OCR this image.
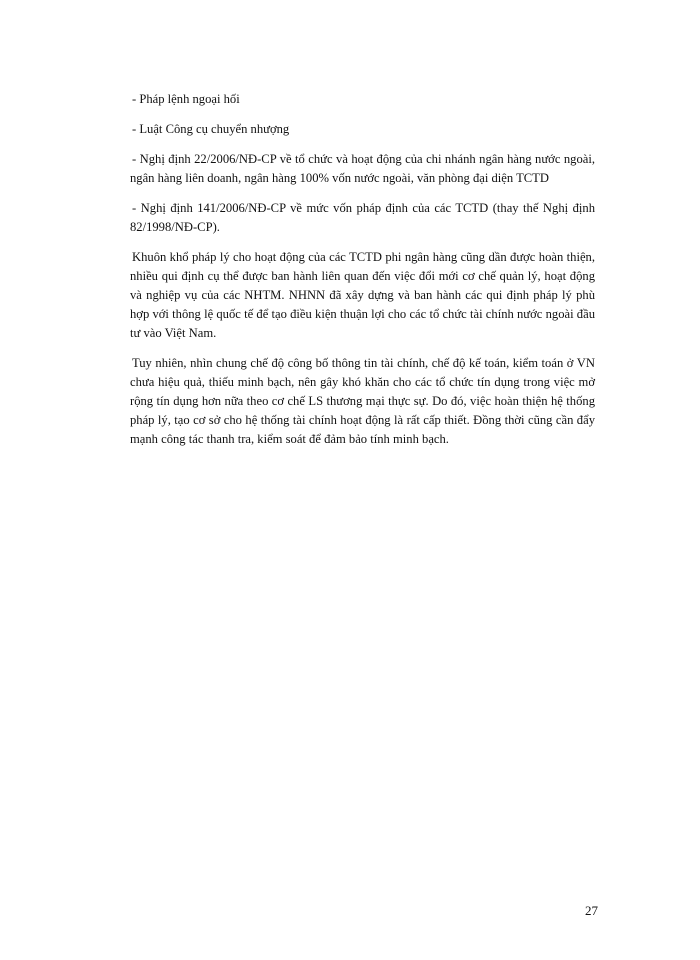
- Pháp lệnh ngoại hối

- Luật Công cụ chuyển nhượng

- Nghị định 22/2006/NĐ-CP về tổ chức và hoạt động của chi nhánh ngân hàng nước ngoài, ngân hàng liên doanh, ngân hàng 100% vốn nước ngoài, văn phòng đại diện TCTD

- Nghị định 141/2006/NĐ-CP về mức vốn pháp định của các TCTD (thay thế Nghị định 82/1998/NĐ-CP).

Khuôn khổ pháp lý cho hoạt động của các TCTD phi ngân hàng cũng dần được hoàn thiện, nhiều qui định cụ thể được ban hành liên quan đến việc đổi mới cơ chế quản lý, hoạt động và nghiệp vụ của các NHTM. NHNN đã xây dựng và ban hành các qui định pháp lý phù hợp với thông lệ quốc tế để tạo điều kiện thuận lợi cho các tổ chức tài chính nước ngoài đầu tư vào Việt Nam.

Tuy nhiên, nhìn chung chế độ công bố thông tin tài chính, chế độ kế toán, kiểm toán ở VN chưa hiệu quả, thiếu minh bạch, nên gây khó khăn cho các tổ chức tín dụng trong việc mở rộng tín dụng hơn nữa theo cơ chế LS thương mại thực sự. Do đó, việc hoàn thiện hệ thống pháp lý, tạo cơ sở cho hệ thống tài chính hoạt động là rất cấp thiết. Đồng thời cũng cần đẩy mạnh công tác thanh tra, kiểm soát để đảm bảo tính minh bạch.

27
